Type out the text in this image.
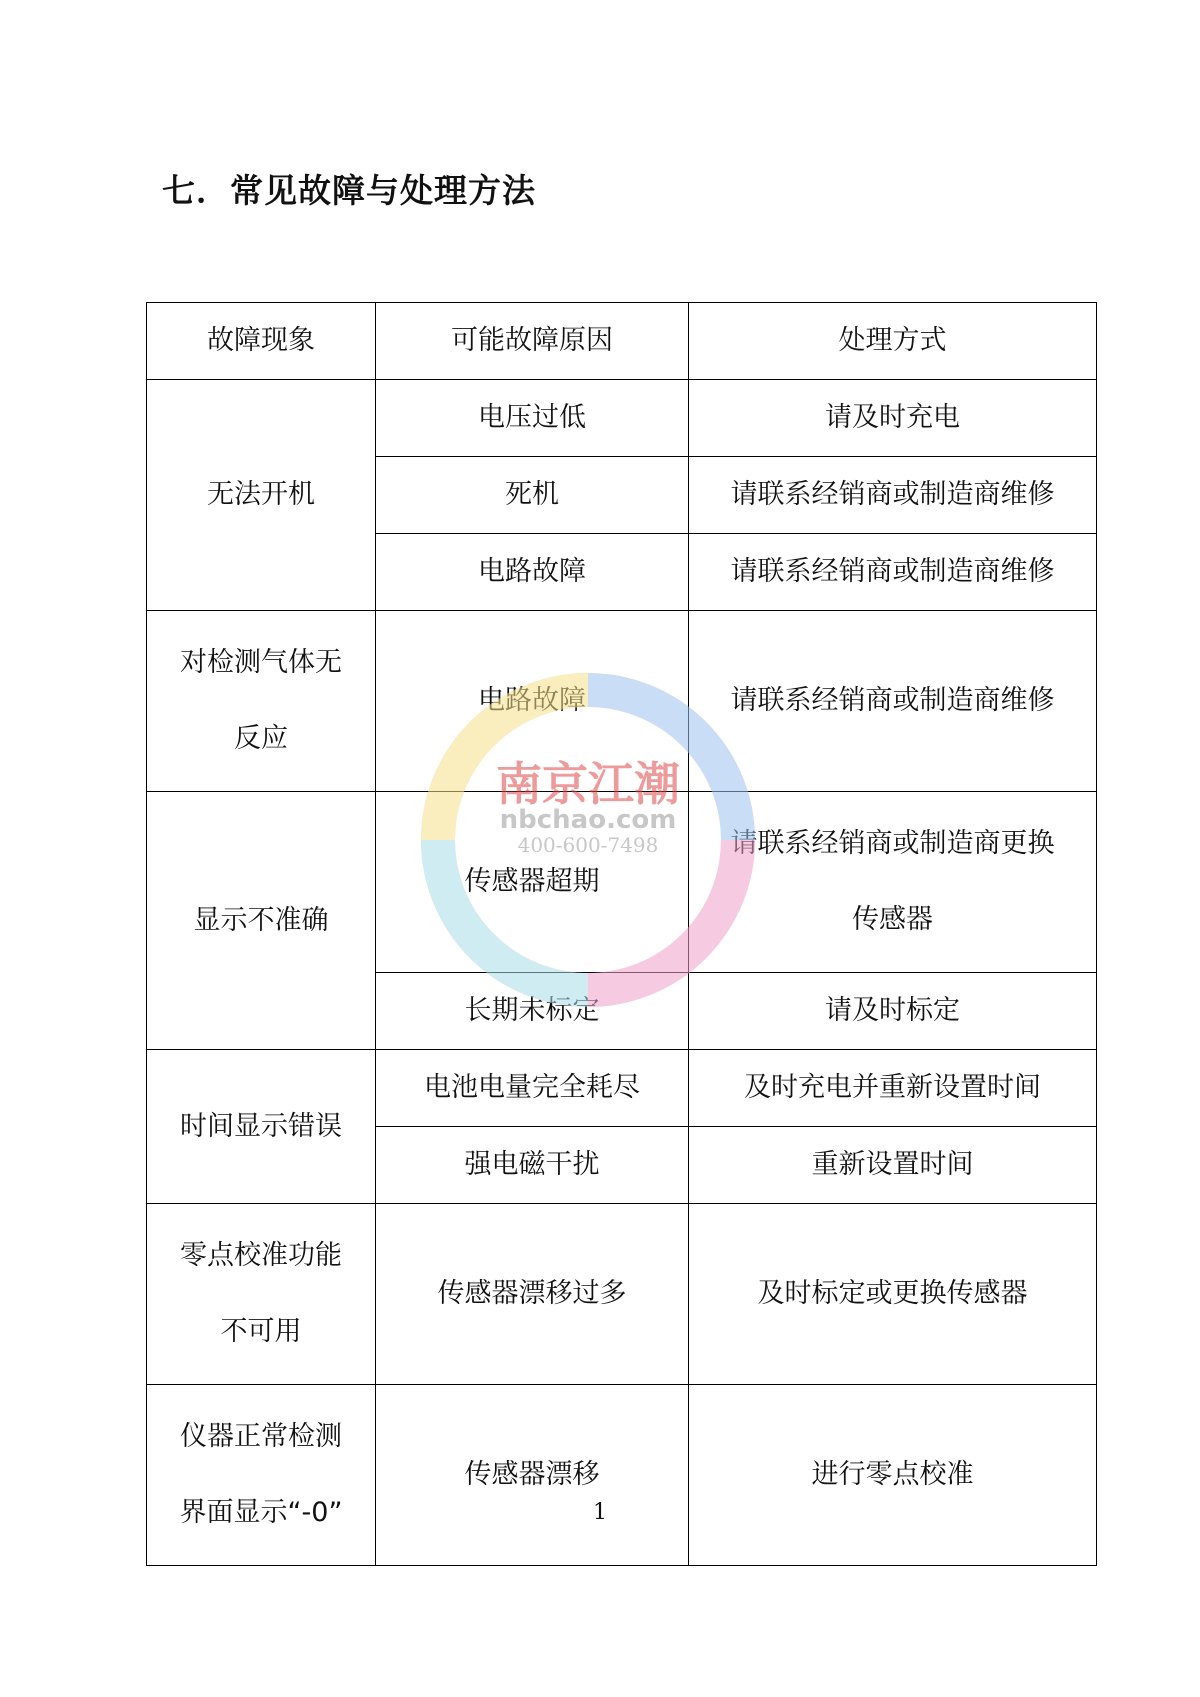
七．常见故障与处理方法
故障现象	可能故障原因	处理方式
无法开机	电压过低	请及时充电
	死机	请联系经销商或制造商维修
	电路故障	请联系经销商或制造商维修

对检测气体无
反应	电路故障	请联系经销商或制造商维修
显示不准确	传感器超期	请联系经销商或制造商更换
传感器

	长期未标定	请及时标定
时间显示错误	电池电量完全耗尽	及时充电并重新设置时间
	强电磁干扰	重新设置时间

零点校准功能
不可用	传感器漂移过多	及时标定或更换传感器

仪器正常检测
界面显示“-0”	传感器漂移	进行零点校准
南京江潮
nbchao.com
400-600-7498
1
